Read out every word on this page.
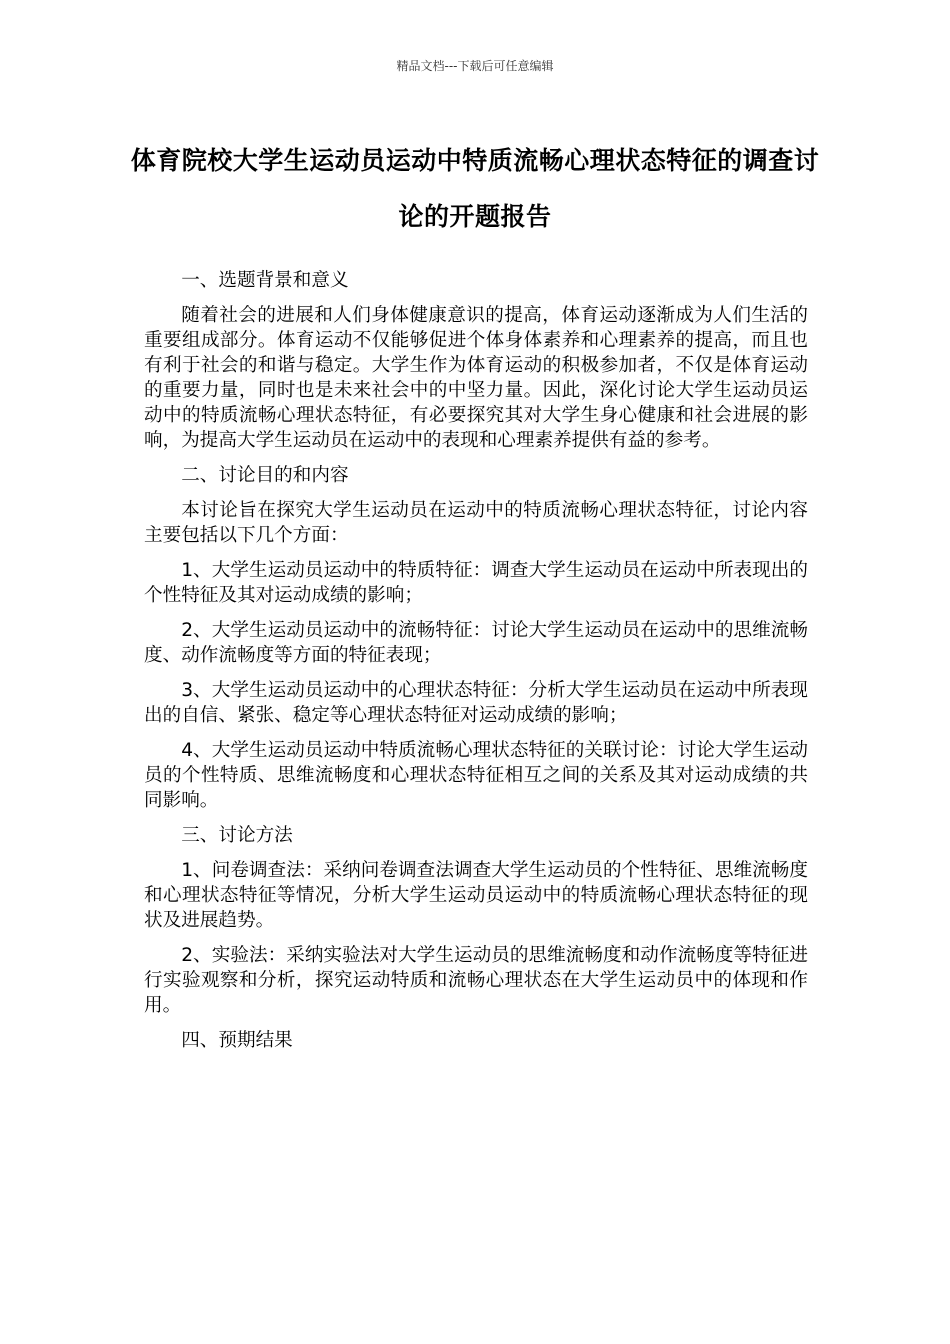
精品文档---下载后可任意编辑
体育院校大学生运动员运动中特质流畅心理状态特征的调查讨论的开题报告

一、选题背景和意义

随着社会的进展和人们身体健康意识的提高，体育运动逐渐成为人们生活的重要组成部分。体育运动不仅能够促进个体身体素养和心理素养的提高，而且也有利于社会的和谐与稳定。大学生作为体育运动的积极参加者，不仅是体育运动的重要力量，同时也是未来社会中的中坚力量。因此，深化讨论大学生运动员运动中的特质流畅心理状态特征，有必要探究其对大学生身心健康和社会进展的影响，为提高大学生运动员在运动中的表现和心理素养提供有益的参考。

二、讨论目的和内容

本讨论旨在探究大学生运动员在运动中的特质流畅心理状态特征，讨论内容主要包括以下几个方面：

1、大学生运动员运动中的特质特征：调查大学生运动员在运动中所表现出的个性特征及其对运动成绩的影响；

2、大学生运动员运动中的流畅特征：讨论大学生运动员在运动中的思维流畅度、动作流畅度等方面的特征表现；

3、大学生运动员运动中的心理状态特征：分析大学生运动员在运动中所表现出的自信、紧张、稳定等心理状态特征对运动成绩的影响；

4、大学生运动员运动中特质流畅心理状态特征的关联讨论：讨论大学生运动员的个性特质、思维流畅度和心理状态特征相互之间的关系及其对运动成绩的共同影响。

三、讨论方法

1、问卷调查法：采纳问卷调查法调查大学生运动员的个性特征、思维流畅度和心理状态特征等情况，分析大学生运动员运动中的特质流畅心理状态特征的现状及进展趋势。

2、实验法：采纳实验法对大学生运动员的思维流畅度和动作流畅度等特征进行实验观察和分析，探究运动特质和流畅心理状态在大学生运动员中的体现和作用。

四、预期结果
